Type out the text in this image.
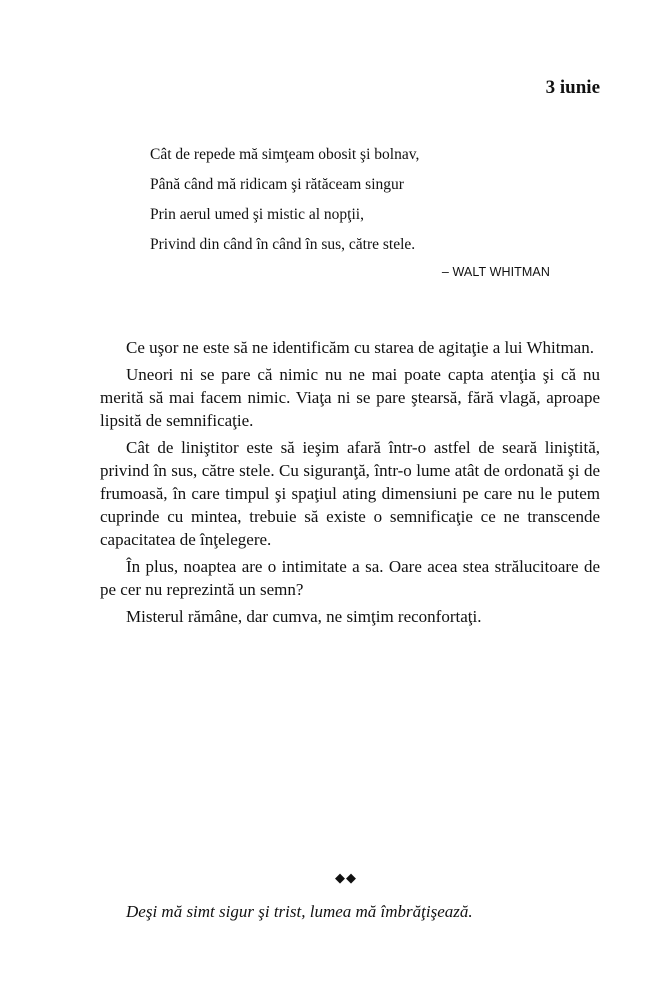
3 iunie

Cât de repede mă simţeam obosit şi bolnav,

Până când mă ridicam şi rătăceam singur

Prin aerul umed şi mistic al nopţii,

Privind din când în când în sus, către stele.

– WALT WHITMAN

Ce uşor ne este să ne identificăm cu starea de agitaţie a lui Whitman.

Uneori ni se pare că nimic nu ne mai poate capta atenţia şi că nu merită să mai facem nimic. Viaţa ni se pare ştearsă, fără vlagă, aproape lipsită de semnificaţie.

Cât de liniştitor este să ieşim afară într-o astfel de seară liniştită, privind în sus, către stele. Cu siguranţă, într-o lume atât de ordonată şi de frumoasă, în care timpul şi spaţiul ating dimensiuni pe care nu le putem cuprinde cu mintea, trebuie să existe o semnificaţie ce ne transcende capacitatea de înţelegere.

În plus, noaptea are o intimitate a sa. Oare acea stea strălucitoare de pe cer nu reprezintă un semn?

Misterul rămâne, dar cumva, ne simţim reconfortaţi.

◆◆

Deşi mă simt sigur şi trist, lumea mă îmbrăţişează.
